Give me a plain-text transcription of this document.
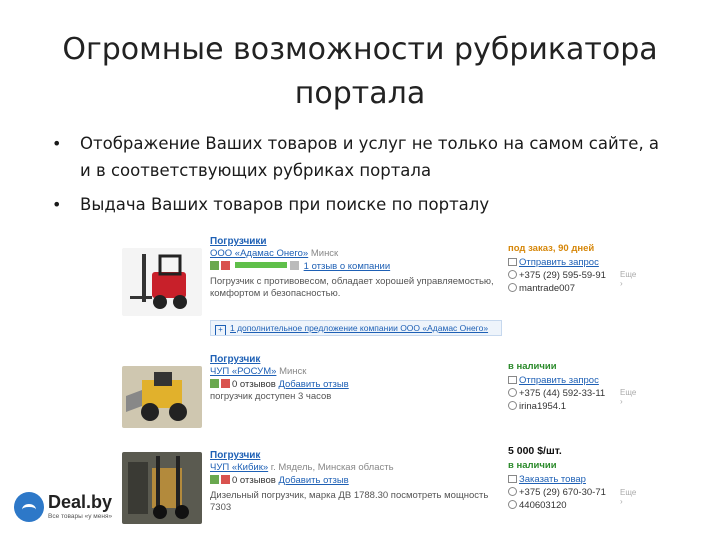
Огромные возможности рубрикатора портала
• Отображение Ваших товаров и услуг не только на самом сайте, а и в соответствующих рубриках портала
• Выдача Ваших товаров при поиске по порталу
Погрузчики
ООО «Адамас Онего» Минск
1 отзыв о компании
Погрузчик с противовесом, обладает хорошей управляемостью, комфортом и безопасностью.
+ 1 дополнительное предложение компании ООО «Адамас Онего»
под заказ, 90 дней
Отправить запрос
+375 (29) 595-59-91
mantrade007
Еще ›
Погрузчик
ЧУП «РОСУМ» Минск
0 отзывов Добавить отзыв
погрузчик доступен 3 часов
в наличии
Отправить запрос
+375 (44) 592-33-11
irina1954.1
Еще ›
Погрузчик
ЧУП «Кибик» г. Мядель, Минская область
0 отзывов Добавить отзыв
Дизельный погрузчик, марка ДВ 1788.30 посмотреть мощность 7303
5 000 $/шт.
в наличии
Заказать товар
+375 (29) 670-30-71
440603120
Еще ›
Deal.by
Все товары «у меня»
